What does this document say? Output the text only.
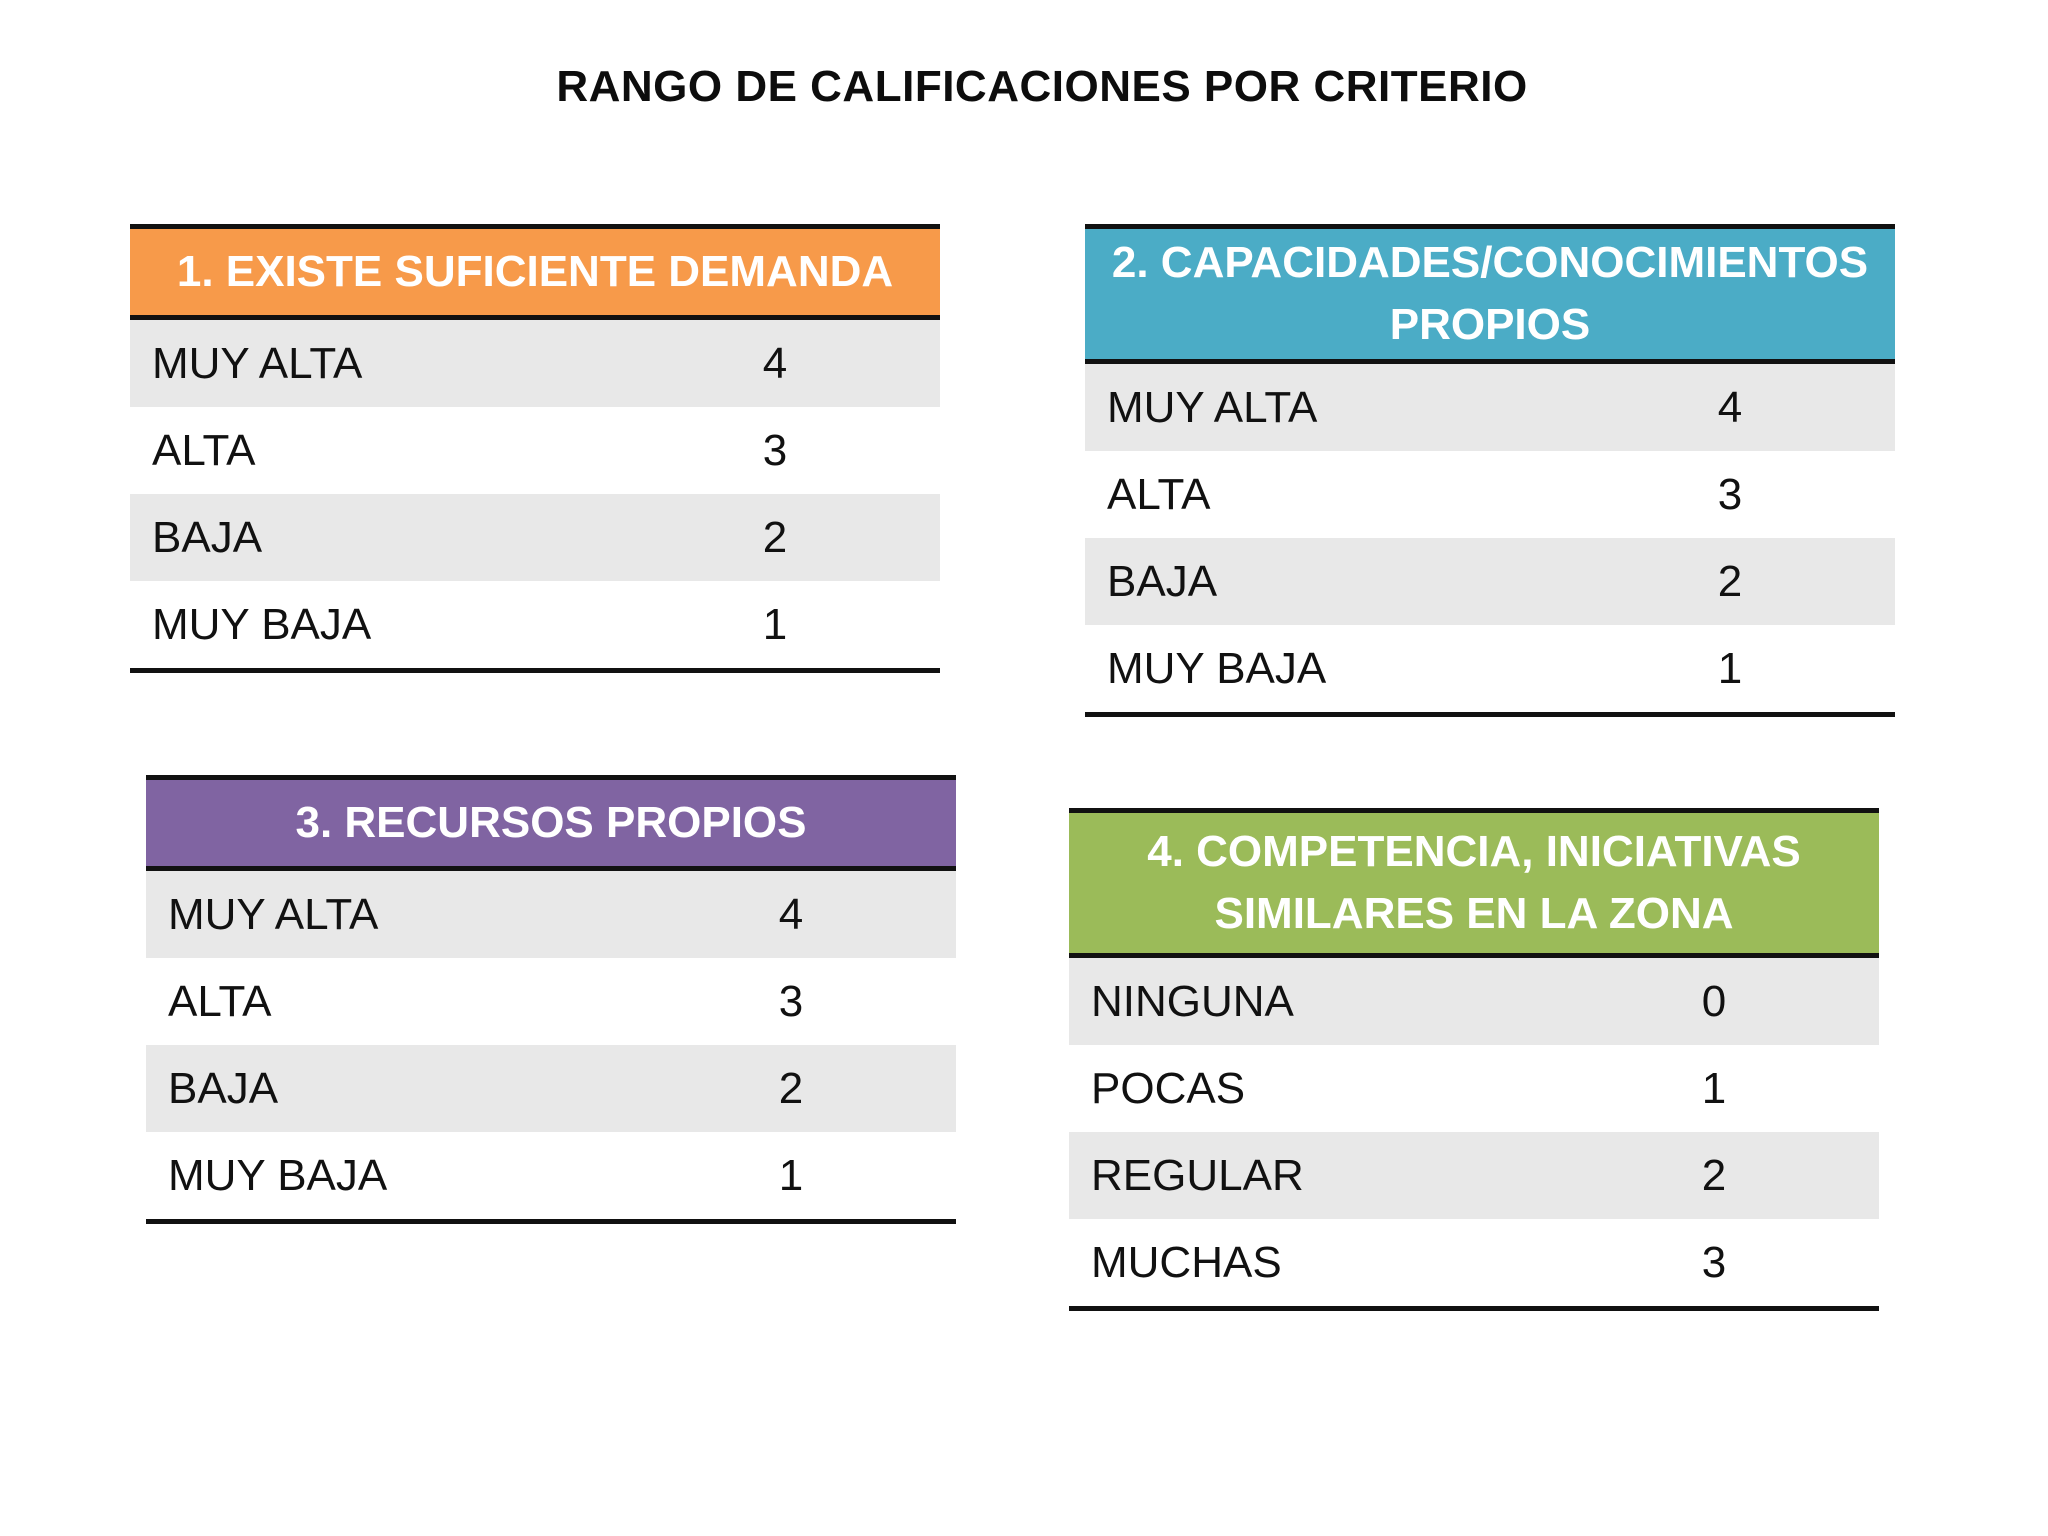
RANGO DE CALIFICACIONES POR CRITERIO
1. EXISTE SUFICIENTE DEMANDA
MUY ALTA	4
ALTA	3
BAJA	2
MUY BAJA	1
2. CAPACIDADES/CONOCIMIENTOS
PROPIOS
MUY ALTA	4
ALTA	3
BAJA	2
MUY BAJA	1
3. RECURSOS PROPIOS
MUY ALTA	4
ALTA	3
BAJA	2
MUY BAJA	1
4. COMPETENCIA, INICIATIVAS
SIMILARES EN LA ZONA
NINGUNA	0
POCAS	1
REGULAR	2
MUCHAS	3
